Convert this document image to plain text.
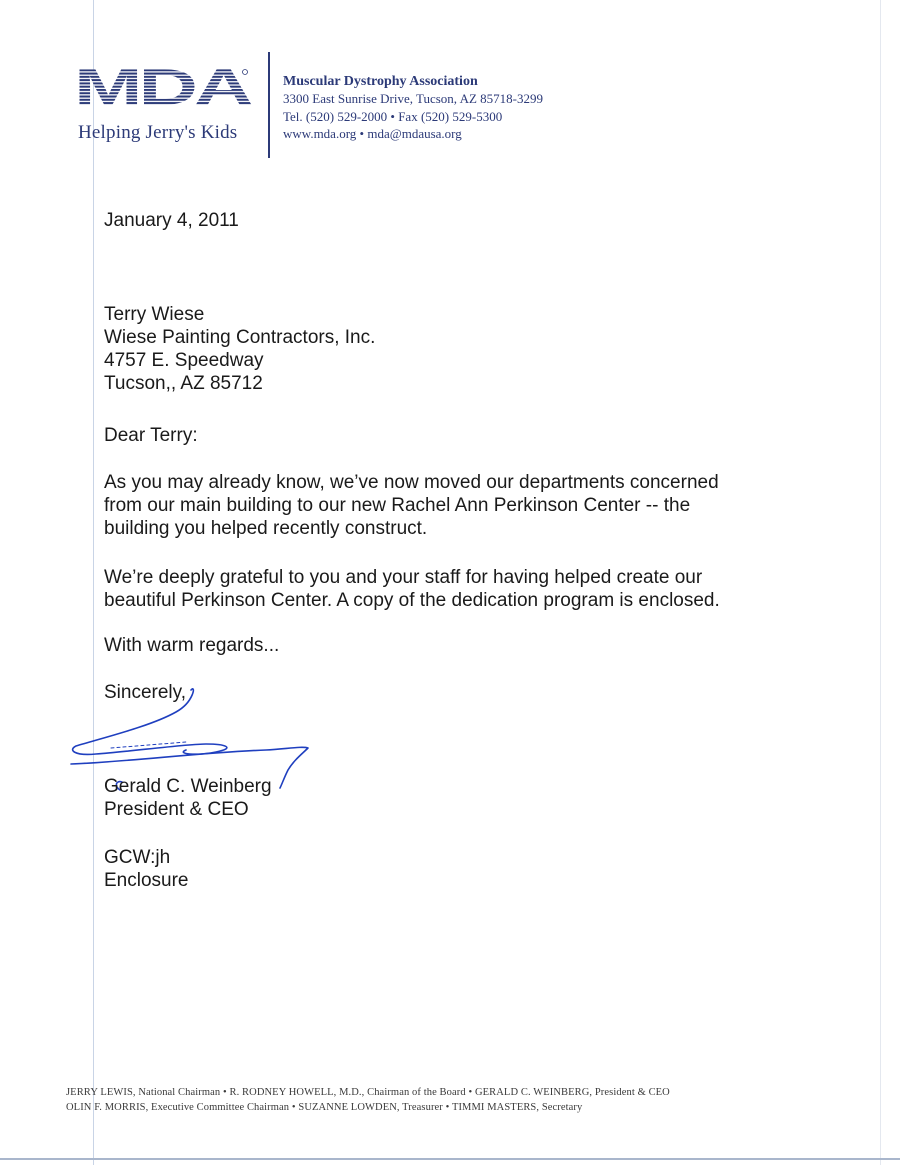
MDA
Helping Jerry's Kids
Muscular Dystrophy Association
3300 East Sunrise Drive, Tucson, AZ 85718-3299
Tel. (520) 529-2000 • Fax (520) 529-5300
www.mda.org • mda@mdausa.org
January 4, 2011
Terry Wiese
Wiese Painting Contractors, Inc.
4757 E. Speedway
Tucson,, AZ 85712
Dear Terry:
As you may already know, we’ve now moved our departments concerned
from our main building to our new Rachel Ann Perkinson Center -- the
building you helped recently construct.
We’re deeply grateful to you and your staff for having helped create our
beautiful Perkinson Center. A copy of the dedication program is enclosed.
With warm regards...
Sincerely,
Gerald C. Weinberg
President & CEO
GCW:jh
Enclosure
JERRY LEWIS, National Chairman • R. RODNEY HOWELL, M.D., Chairman of the Board • GERALD C. WEINBERG, President & CEO
OLIN F. MORRIS, Executive Committee Chairman • SUZANNE LOWDEN, Treasurer • TIMMI MASTERS, Secretary
